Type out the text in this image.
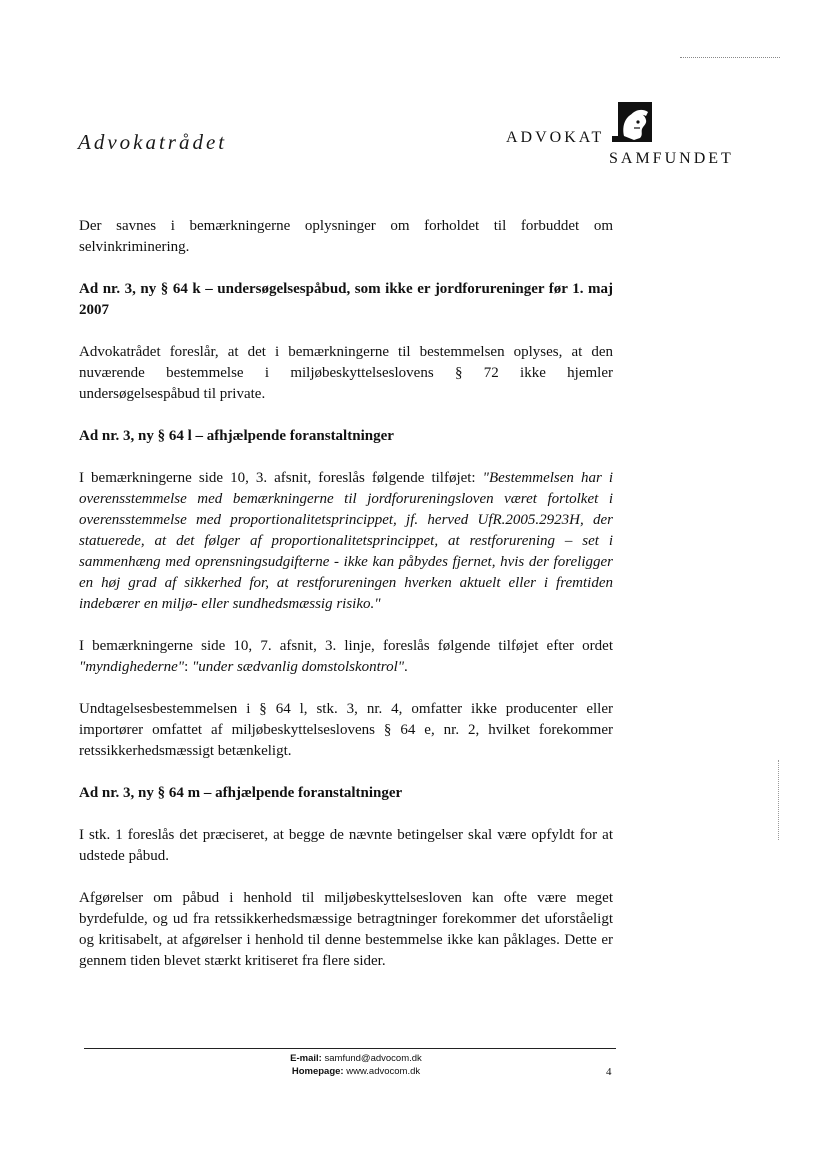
Advokatrådet	ADVOKAT
SAMFUNDET

Der savnes i bemærkningerne oplysninger om forholdet til forbuddet om selvinkriminering.

Ad nr. 3, ny § 64 k – undersøgelsespåbud, som ikke er jordforureninger før 1. maj 2007

Advokatrådet foreslår, at det i bemærkningerne til bestemmelsen oplyses, at den nuværende bestemmelse i miljøbeskyttelseslovens § 72 ikke hjemler undersøgelsespåbud til private.

Ad nr. 3, ny § 64 l – afhjælpende foranstaltninger

I bemærkningerne side 10, 3. afsnit, foreslås følgende tilføjet: "Bestemmelsen har i overensstemmelse med bemærkningerne til jordforureningsloven været fortolket i overensstemmelse med proportionalitetsprincippet, jf. herved UfR.2005.2923H, der statuerede, at det følger af proportionalitetsprincippet, at restforurening – set i sammenhæng med oprensningsudgifterne - ikke kan påbydes fjernet, hvis der foreligger en høj grad af sikkerhed for, at restforureningen hverken aktuelt eller i fremtiden indebærer en miljø- eller sundhedsmæssig risiko."

I bemærkningerne side 10, 7. afsnit, 3. linje, foreslås følgende tilføjet efter ordet "myndighederne": "under sædvanlig domstolskontrol".

Undtagelsesbestemmelsen i § 64 l, stk. 3, nr. 4, omfatter ikke producenter eller importører omfattet af miljøbeskyttelseslovens § 64 e, nr. 2, hvilket forekommer retssikkerhedsmæssigt betænkeligt.

Ad nr. 3, ny § 64 m – afhjælpende foranstaltninger

I stk. 1 foreslås det præciseret, at begge de nævnte betingelser skal være opfyldt for at udstede påbud.

Afgørelser om påbud i henhold til miljøbeskyttelsesloven kan ofte være meget byrdefulde, og ud fra retssikkerhedsmæssige betragtninger forekommer det uforståeligt og kritisabelt, at afgørelser i henhold til denne bestemmelse ikke kan påklages. Dette er gennem tiden blevet stærkt kritiseret fra flere sider.

E-mail: samfund@advocom.dk
Homepage: www.advocom.dk	4
